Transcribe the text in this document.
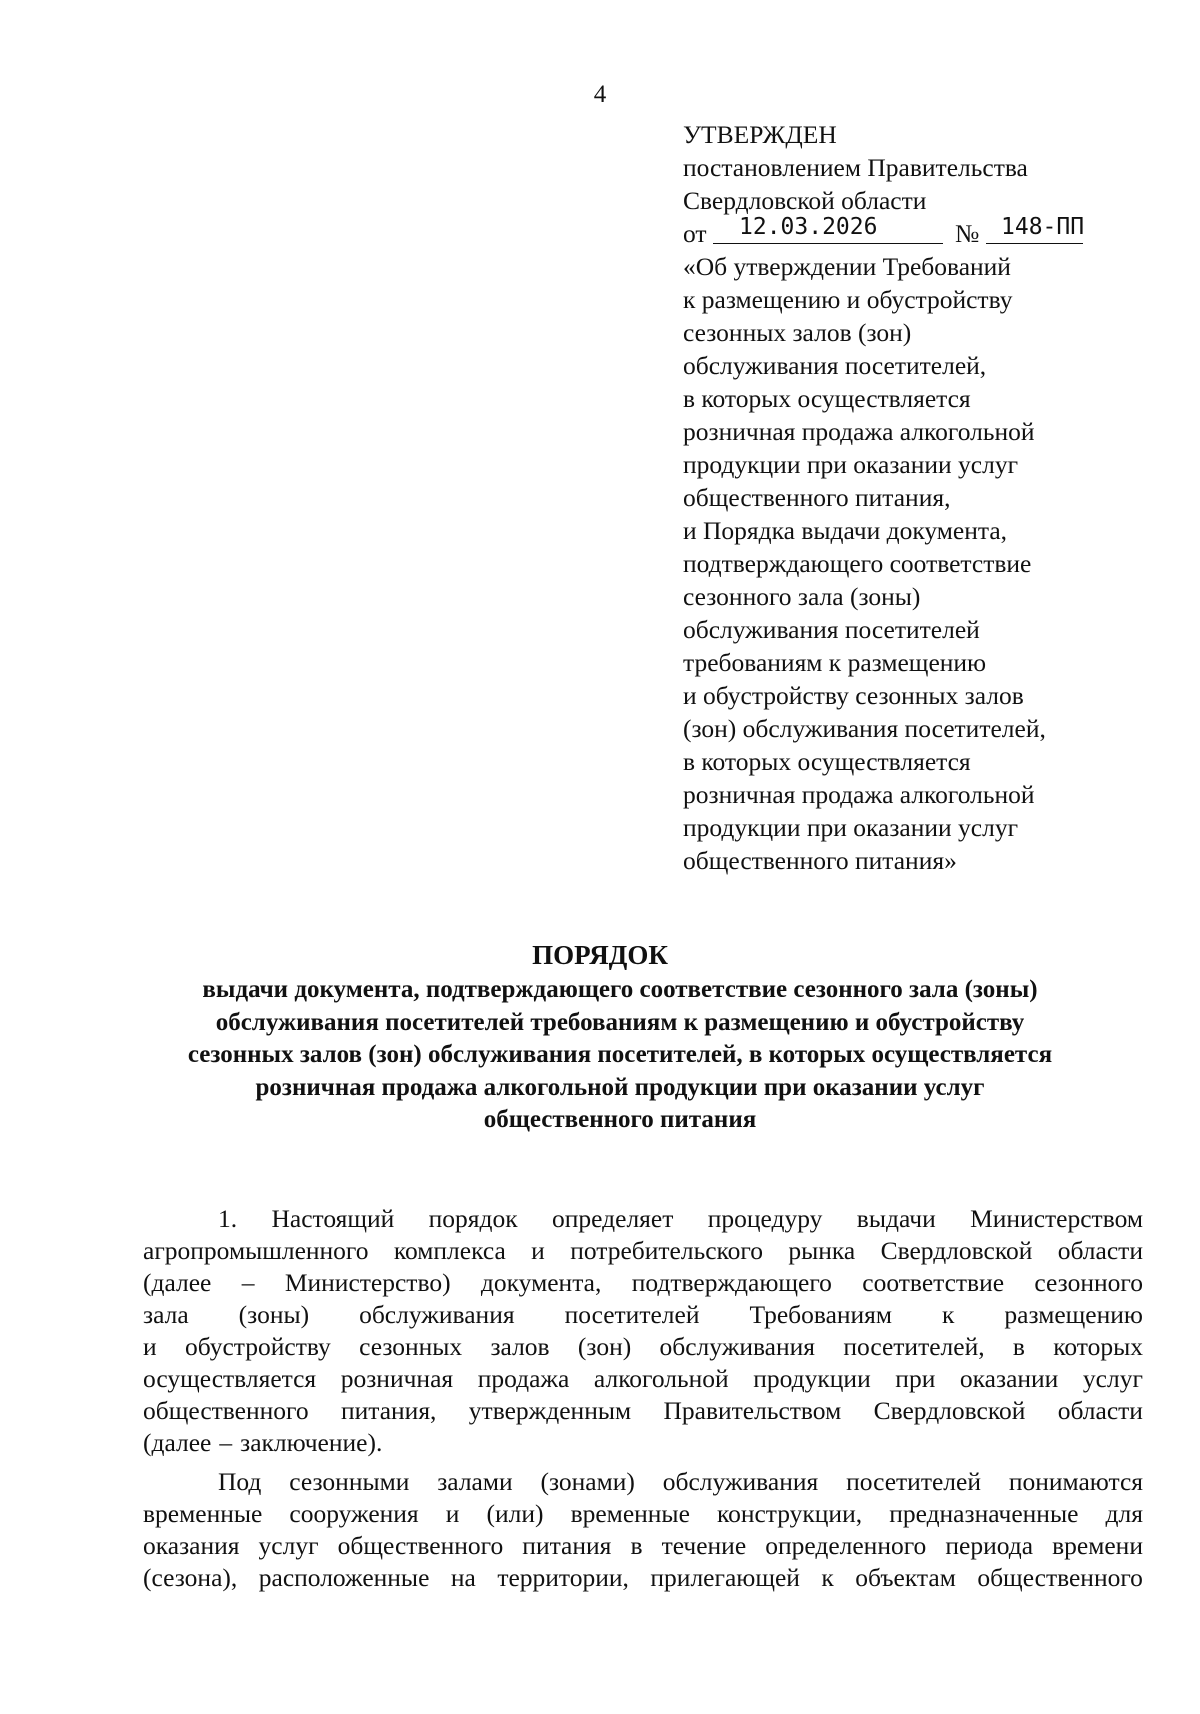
4
УТВЕРЖДЕН
постановлением Правительства
Свердловской области
от 12.03.2026	№ 148-ПП
«Об утверждении Требований
к размещению и обустройству
сезонных залов (зон)
обслуживания посетителей,
в которых осуществляется
розничная продажа алкогольной
продукции при оказании услуг
общественного питания,
и Порядка выдачи документа,
подтверждающего соответствие
сезонного зала (зоны)
обслуживания посетителей
требованиям к размещению
и обустройству сезонных залов
(зон) обслуживания посетителей,
в которых осуществляется
розничная продажа алкогольной
продукции при оказании услуг
общественного питания»
ПОРЯДОК
выдачи документа, подтверждающего соответствие сезонного зала (зоны)
обслуживания посетителей требованиям к размещению и обустройству
сезонных залов (зон) обслуживания посетителей, в которых осуществляется
розничная продажа алкогольной продукции при оказании услуг
общественного питания
1. Настоящий порядок определяет процедуру выдачи Министерством
агропромышленного комплекса и потребительского рынка Свердловской области
(далее – Министерство) документа, подтверждающего соответствие сезонного
зала (зоны) обслуживания посетителей Требованиям к размещению
и обустройству сезонных залов (зон) обслуживания посетителей, в которых
осуществляется розничная продажа алкогольной продукции при оказании услуг
общественного питания, утвержденным Правительством Свердловской области
(далее – заключение).
Под сезонными залами (зонами) обслуживания посетителей понимаются
временные сооружения и (или) временные конструкции, предназначенные для
оказания услуг общественного питания в течение определенного периода времени
(сезона), расположенные на территории, прилегающей к объектам общественного
